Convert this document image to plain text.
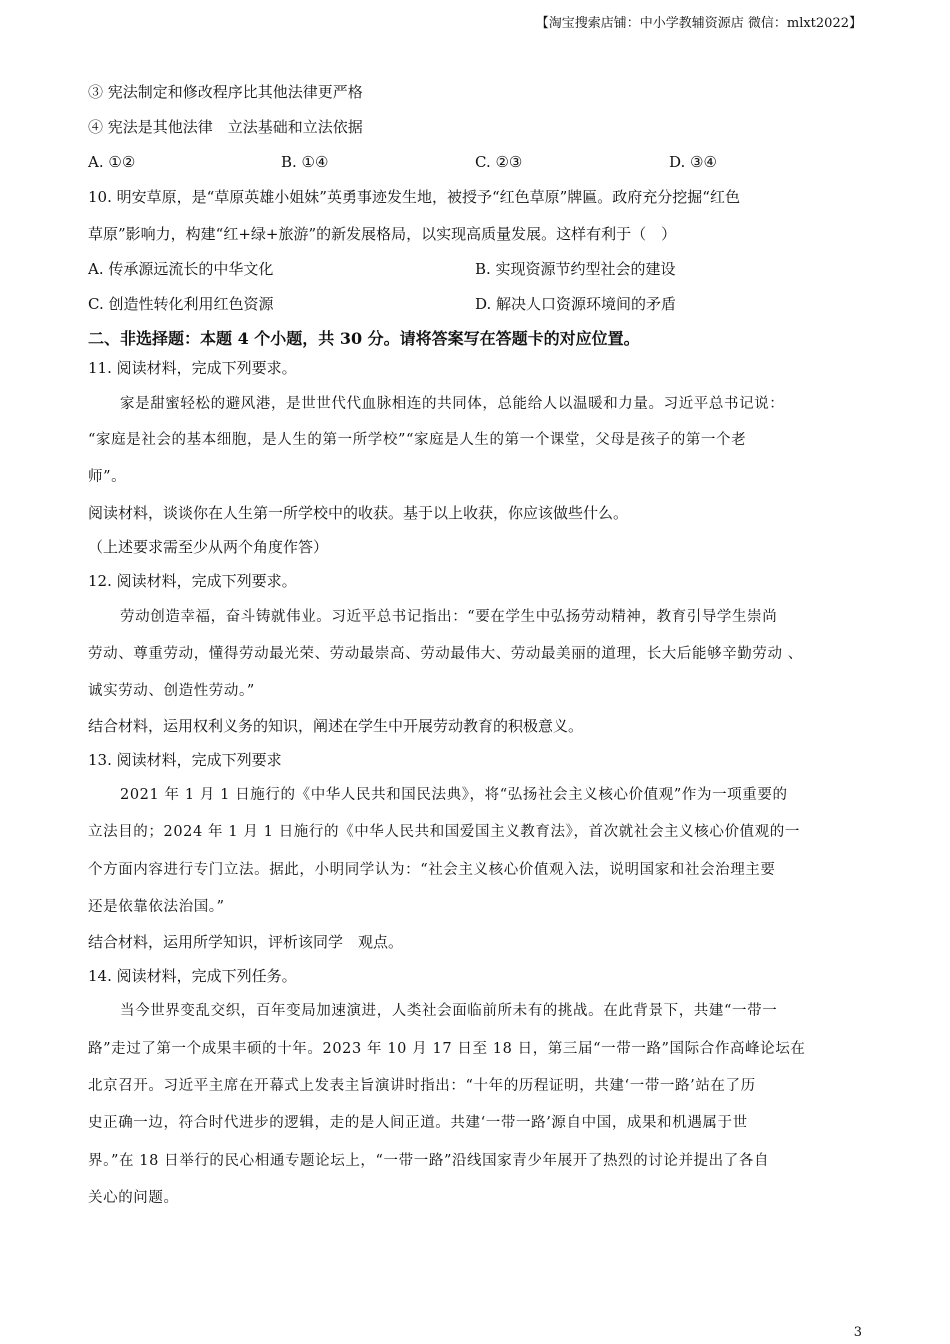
【淘宝搜索店铺：中小学教辅资源店 微信：mlxt2022】
③ 宪法制定和修改程序比其他法律更严格
④ 宪法是其他法律　立法基础和立法依据
A. ①②	B. ①④	C. ②③	D. ③④
10. 明安草原，是“草原英雄小姐妹”英勇事迹发生地，被授予“红色草原”牌匾。政府充分挖掘“红色
草原”影响力，构建“红+绿+旅游”的新发展格局，以实现高质量发展。这样有利于（　）
A. 传承源远流长的中华文化	B. 实现资源节约型社会的建设
C. 创造性转化利用红色资源	D. 解决人口资源环境间的矛盾
二、非选择题：本题 4 个小题，共 30 分。请将答案写在答题卡的对应位置。
11. 阅读材料，完成下列要求。
家是甜蜜轻松的避风港，是世世代代血脉相连的共同体，总能给人以温暖和力量。习近平总书记说：
“家庭是社会的基本细胞，是人生的第一所学校”“家庭是人生的第一个课堂，父母是孩子的第一个老
师”。
阅读材料，谈谈你在人生第一所学校中的收获。基于以上收获，你应该做些什么。
（上述要求需至少从两个角度作答）
12. 阅读材料，完成下列要求。
劳动创造幸福，奋斗铸就伟业。习近平总书记指出：“要在学生中弘扬劳动精神，教育引导学生崇尚
劳动、尊重劳动，懂得劳动最光荣、劳动最崇高、劳动最伟大、劳动最美丽的道理，长大后能够辛勤劳动 、
诚实劳动、创造性劳动。”
结合材料，运用权利义务的知识，阐述在学生中开展劳动教育的积极意义。
13. 阅读材料，完成下列要求
2021 年 1 月 1 日施行的《中华人民共和国民法典》，将“弘扬社会主义核心价值观”作为一项重要的
立法目的；2024 年 1 月 1 日施行的《中华人民共和国爱国主义教育法》，首次就社会主义核心价值观的一
个方面内容进行专门立法。据此，小明同学认为：“社会主义核心价值观入法，说明国家和社会治理主要
还是依靠依法治国。”
结合材料，运用所学知识，评析该同学　观点。
14. 阅读材料，完成下列任务。
当今世界变乱交织，百年变局加速演进，人类社会面临前所未有的挑战。在此背景下，共建“一带一
路”走过了第一个成果丰硕的十年。2023 年 10 月 17 日至 18 日，第三届“一带一路”国际合作高峰论坛在
北京召开。习近平主席在开幕式上发表主旨演讲时指出：“十年的历程证明，共建‘一带一路’站在了历
史正确一边，符合时代进步的逻辑，走的是人间正道。共建‘一带一路’源自中国，成果和机遇属于世
界。”在 18 日举行的民心相通专题论坛上，“一带一路”沿线国家青少年展开了热烈的讨论并提出了各自
关心的问题。
3
